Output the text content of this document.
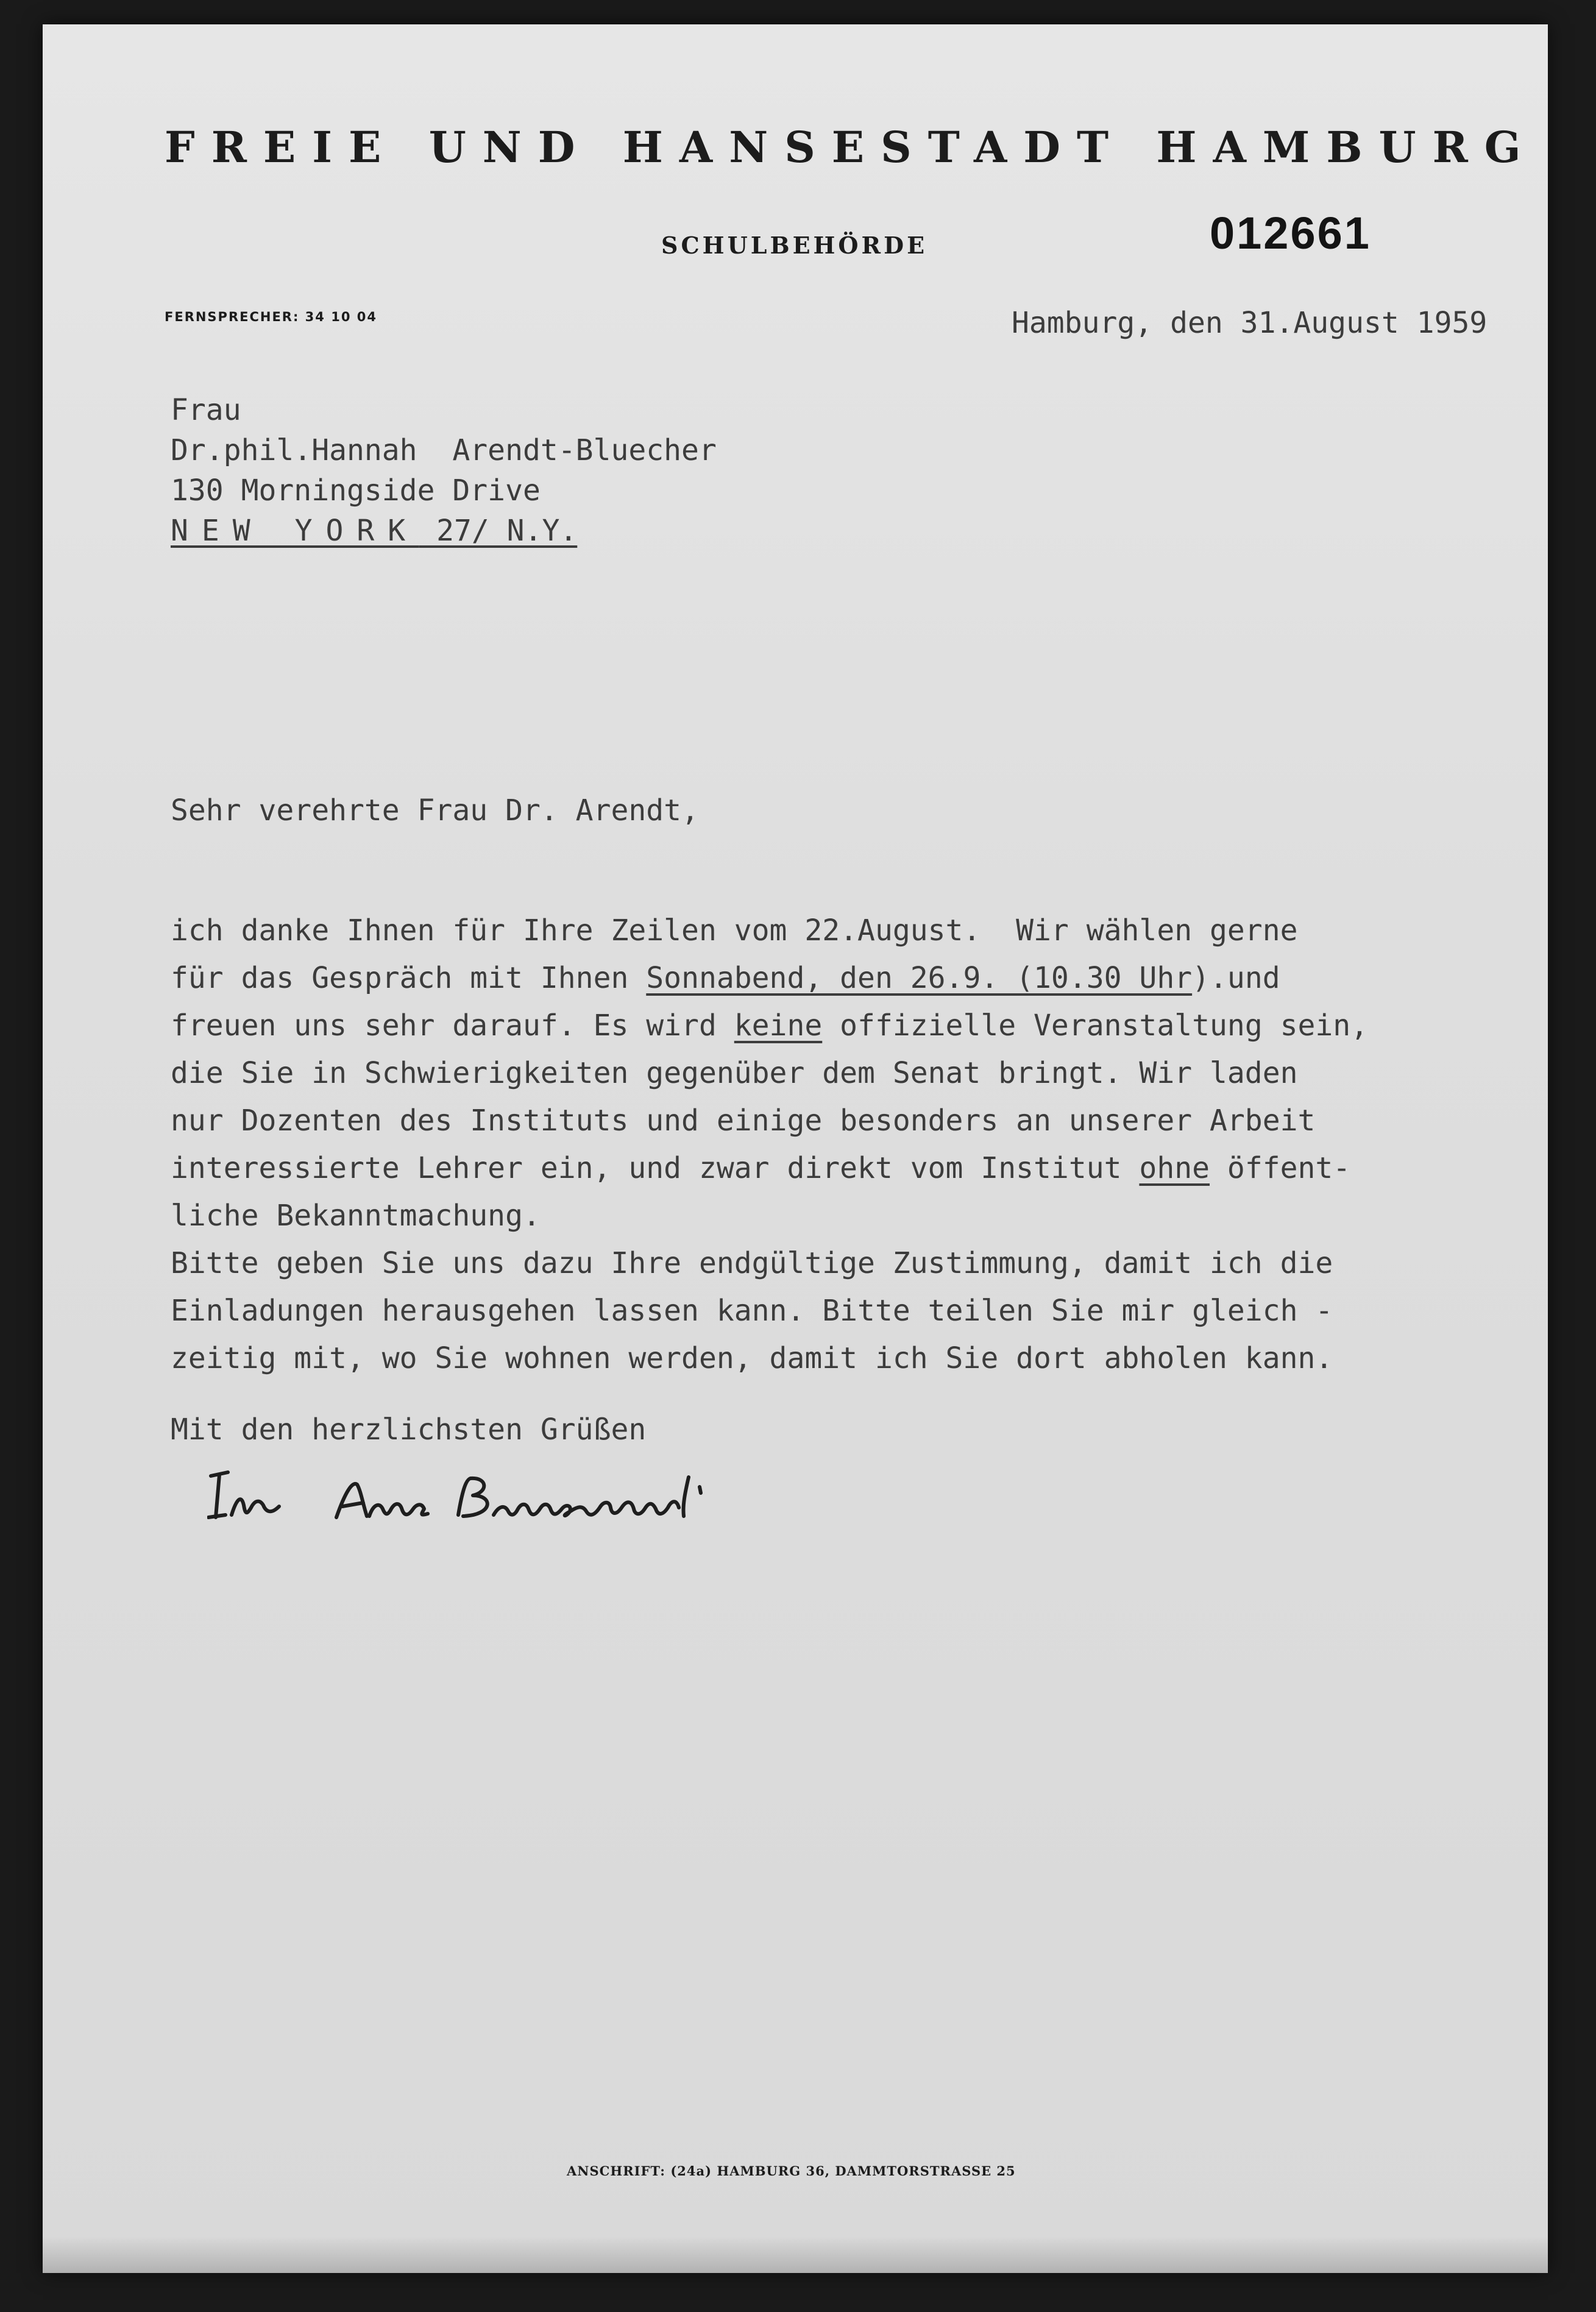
FREIE UND HANSESTADT HAMBURG
SCHULBEHÖRDE	012661
FERNSPRECHER: 34 10 04	Hamburg, den 31.August 1959
Frau
Dr.phil.Hannah  Arendt-Bluecher
130 Morningside Drive
NEW YORK 27/ N.Y.
Sehr verehrte Frau Dr. Arendt,
ich danke Ihnen für Ihre Zeilen vom 22.August.  Wir wählen gerne
für das Gespräch mit Ihnen Sonnabend, den 26.9. (10.30 Uhr).und
freuen uns sehr darauf. Es wird keine offizielle Veranstaltung sein,
die Sie in Schwierigkeiten gegenüber dem Senat bringt. Wir laden
nur Dozenten des Instituts und einige besonders an unserer Arbeit
interessierte Lehrer ein, und zwar direkt vom Institut ohne öffent-
liche Bekanntmachung.
Bitte geben Sie uns dazu Ihre endgültige Zustimmung, damit ich die
Einladungen herausgehen lassen kann. Bitte teilen Sie mir gleich -
zeitig mit, wo Sie wohnen werden, damit ich Sie dort abholen kann.
Mit den herzlichsten Grüßen
ANSCHRIFT: (24a) HAMBURG 36, DAMMTORSTRASSE 25
